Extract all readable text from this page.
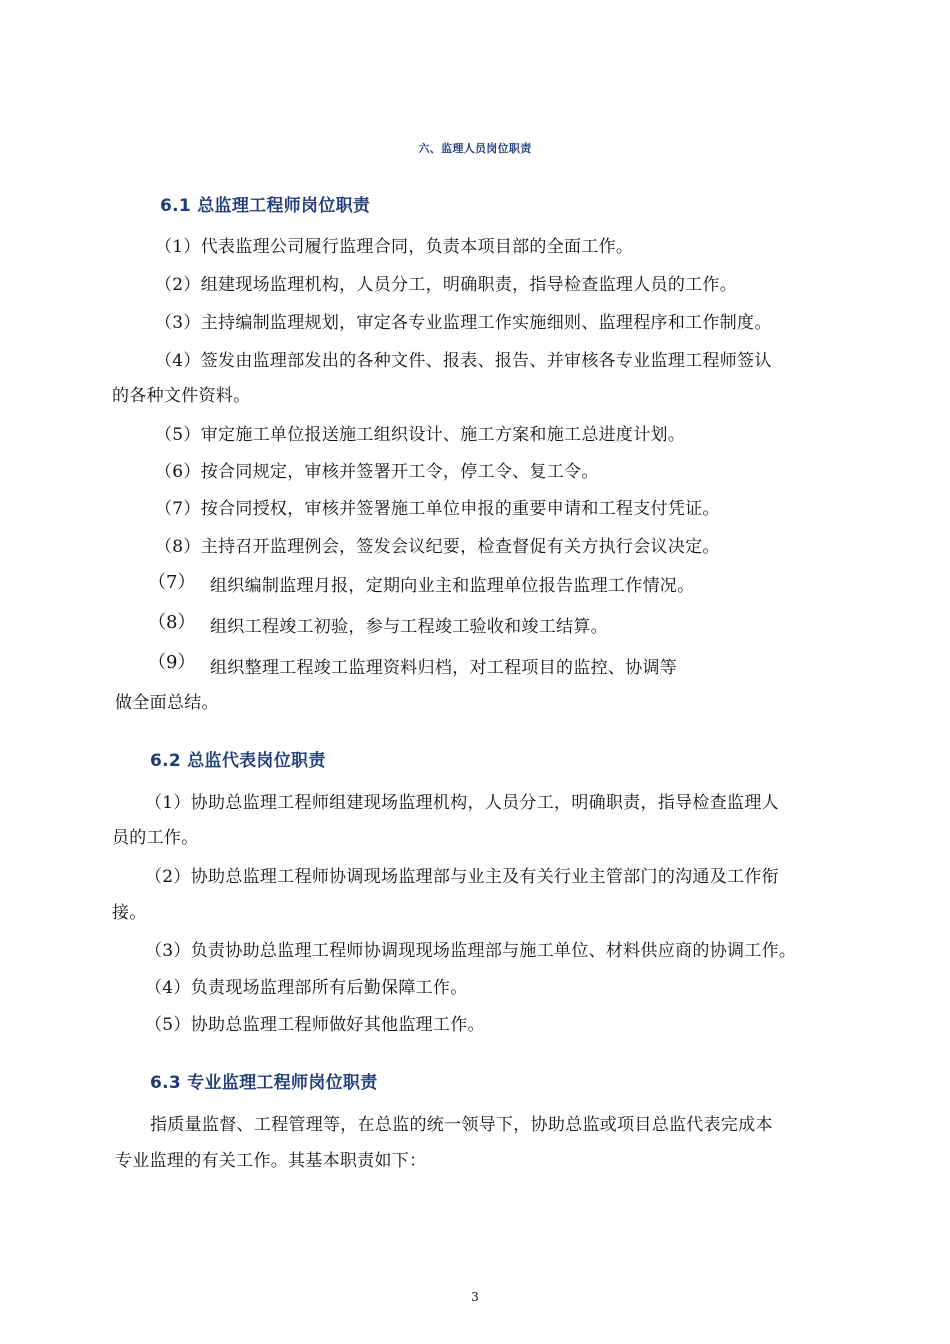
六、监理人员岗位职责
6.1 总监理工程师岗位职责
（1）代表监理公司履行监理合同，负责本项目部的全面工作。
（2）组建现场监理机构，人员分工，明确职责，指导检查监理人员的工作。
（3）主持编制监理规划，审定各专业监理工作实施细则、监理程序和工作制度。
（4）签发由监理部发出的各种文件、报表、报告、并审核各专业监理工程师签认
的各种文件资料。
（5）审定施工单位报送施工组织设计、施工方案和施工总进度计划。
（6）按合同规定，审核并签署开工令，停工令、复工令。
（7）按合同授权，审核并签署施工单位申报的重要申请和工程支付凭证。
（8）主持召开监理例会，签发会议纪要，检查督促有关方执行会议决定。
（7） 组织编制监理月报，定期向业主和监理单位报告监理工作情况。
（8） 组织工程竣工初验，参与工程竣工验收和竣工结算。
（9） 组织整理工程竣工监理资料归档，对工程项目的监控、协调等
做全面总结。
6.2 总监代表岗位职责
（1）协助总监理工程师组建现场监理机构，人员分工，明确职责，指导检查监理人
员的工作。
（2）协助总监理工程师协调现场监理部与业主及有关行业主管部门的沟通及工作衔
接。
（3）负责协助总监理工程师协调现现场监理部与施工单位、材料供应商的协调工作。
（4）负责现场监理部所有后勤保障工作。
（5）协助总监理工程师做好其他监理工作。
6.3 专业监理工程师岗位职责
指质量监督、工程管理等，在总监的统一领导下，协助总监或项目总监代表完成本
专业监理的有关工作。其基本职责如下：
3
